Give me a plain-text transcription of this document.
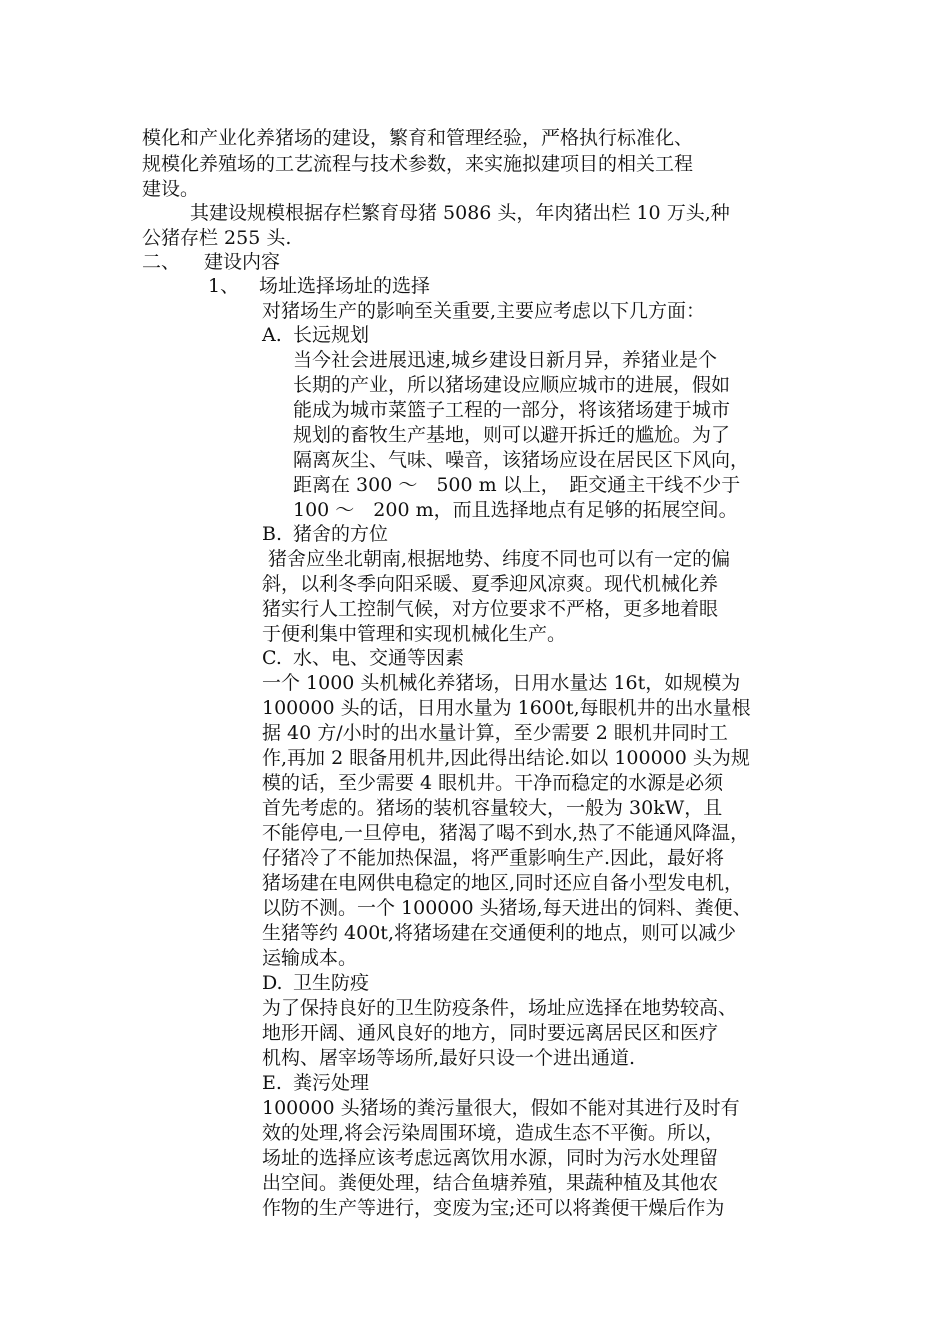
模化和产业化养猪场的建设，繁育和管理经验，严格执行标准化、
规模化养殖场的工艺流程与技术参数，来实施拟建项目的相关工程
建设。
其建设规模根据存栏繁育母猪 5086 头，年肉猪出栏 10 万头,种
公猪存栏 255 头.
二、 建设内容
1、 场址选择场址的选择
对猪场生产的影响至关重要,主要应考虑以下几方面：
A. 长远规划
当今社会进展迅速,城乡建设日新月异，养猪业是个
长期的产业，所以猪场建设应顺应城市的进展，假如
能成为城市菜篮子工程的一部分，将该猪场建于城市
规划的畜牧生产基地，则可以避开拆迁的尴尬。为了
隔离灰尘、气味、噪音，该猪场应设在居民区下风向，
距离在 300 ～　500 m 以上，　距交通主干线不少于
100 ～　200 m，而且选择地点有足够的拓展空间。
B. 猪舍的方位
猪舍应坐北朝南,根据地势、纬度不同也可以有一定的偏
斜，以利冬季向阳采暖、夏季迎风凉爽。现代机械化养
猪实行人工控制气候，对方位要求不严格，更多地着眼
于便利集中管理和实现机械化生产。
C. 水、电、交通等因素
一个 1000 头机械化养猪场，日用水量达 16t，如规模为
100000 头的话，日用水量为 1600t,每眼机井的出水量根
据 40 方/小时的出水量计算，至少需要 2 眼机井同时工
作,再加 2 眼备用机井,因此得出结论.如以 100000 头为规
模的话，至少需要 4 眼机井。干净而稳定的水源是必须
首先考虑的。猪场的装机容量较大，一般为 30kW，且
不能停电,一旦停电，猪渴了喝不到水,热了不能通风降温，
仔猪冷了不能加热保温，将严重影响生产.因此，最好将
猪场建在电网供电稳定的地区,同时还应自备小型发电机，
以防不测。一个 100000 头猪场,每天进出的饲料、粪便、
生猪等约 400t,将猪场建在交通便利的地点，则可以减少
运输成本。
D. 卫生防疫
为了保持良好的卫生防疫条件，场址应选择在地势较高、
地形开阔、通风良好的地方，同时要远离居民区和医疗
机构、屠宰场等场所,最好只设一个进出通道.
E. 粪污处理
100000 头猪场的粪污量很大，假如不能对其进行及时有
效的处理,将会污染周围环境，造成生态不平衡。所以，
场址的选择应该考虑远离饮用水源，同时为污水处理留
出空间。粪便处理，结合鱼塘养殖，果蔬种植及其他农
作物的生产等进行，变废为宝;还可以将粪便干燥后作为
